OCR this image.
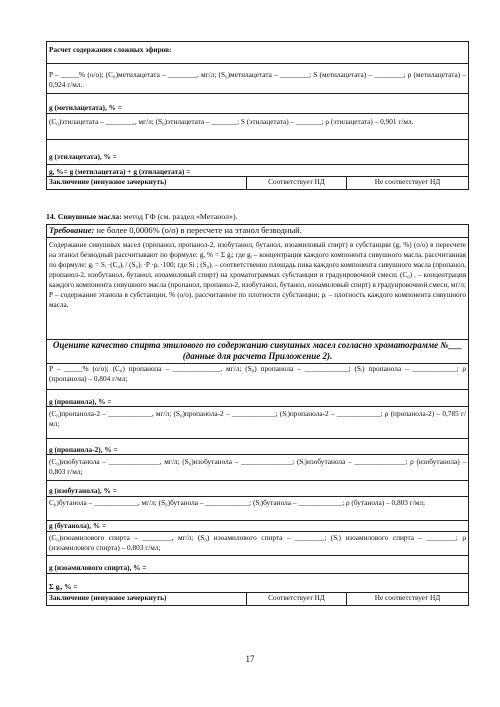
Расчет содержания сложных эфиров:
P – _____% (о/о); (C₀)метилацетата – ________, мг/л; (S₀)метилацетата – ________; S (метилацетата) – ________; ρ (метилацетата) – 0,924 г/мл.
g (метилацетата), % =
(C₀)этилацетата – ________, мг/л; (S₀)этилацетата – _______; S (этилацетата) – _______; ρ (этилацетата) – 0,901 г/мл.
g (этилацетата), % =
g, %= g (метилацетата) + g (этилацетата) =
Заключение (ненужное зачеркнуть)	Соответствует НД	Не соответствует НД
14. Сивушные масла: метод ГФ (см. раздел «Метанол»).
Требование: не более 0,0006% (о/о) в пересчете на этанол безводный.
Содержание сивушных масел (пропанол, пропанол-2, изобутанол, бутанол, изоамиловый спирт) в субстанции (g, %) (о/о) в пересчете на этанол безводный рассчитывают по формуле: g, % = Σ gᵢ; где gᵢ – концентрация каждого компонента сивушного масла, рассчитанная по формуле: gᵢ = Sᵢ ·(C₀)ᵢ / (S₀)ᵢ ·P ·ρᵢ ·100; где Si ; (S₀)ᵢ – соответственно площадь пика каждого компонента сивушного масла (пропанол, пропанол-2, изобутанол, бутанол, изоамиловый спирт) на хроматограммах субстанции и градуировочной смеси; (C₀) ᵢ – концентрация каждого компонента сивушного масла (пропанол, пропанол-2, изобутанол, бутанол, изоамиловый спирт) в градуировочной смеси, мг/л; P – содержание этанола в субстанции, % (о/о), рассчитанное по плотности субстанции; ρᵢ – плотность каждого компонента сивушного масла.
Оцените качество спирта этилового по содержанию сивушных масел согласно хроматограмме №___ (данные для расчета Приложение 2).
P – _____% (о/о); (C₀) пропанола – _____________, мг/л; (S₀) пропанола – ____________; (Sᵢ) пропанола – ____________; ρ (пропанола) – 0,804 г/мл;
g (пропанола), % =
(C₀)пропанола-2 – ____________, мг/л; (S₀)пропанола-2 – ____________; (Sᵢ)пропанола-2 – ____________; ρ (пропанола-2) – 0,785 г/мл;
g (пропанола-2), % =
(C₀)изобутанола – ______________, мг/л; (S₀)изобутанола – ______________; (Sᵢ)изобутанола – ______________; ρ (изобутанола) – 0,803 г/мл;
g (изобутанола), % =
C₀)бутанола – ____________, мг/л; (S₀)бутанола – ____________; (Sᵢ)бутанола – ____________; ρ (бутанола) – 0,803 г/мл;
g (бутанола), % =
(C₀)изоамилового спирта – ________, мг/л; (S₀) изоамилового спирта – ________; (Sᵢ) изоамилового спирта – ________; ρ (изоамилового спирта) – 0,803 г/мл;
g (изоамилового спирта), % =
Σ gᵢ, % =
Заключение (ненужное зачеркнуть)	Соответствует НД	Не соответствует НД
17
